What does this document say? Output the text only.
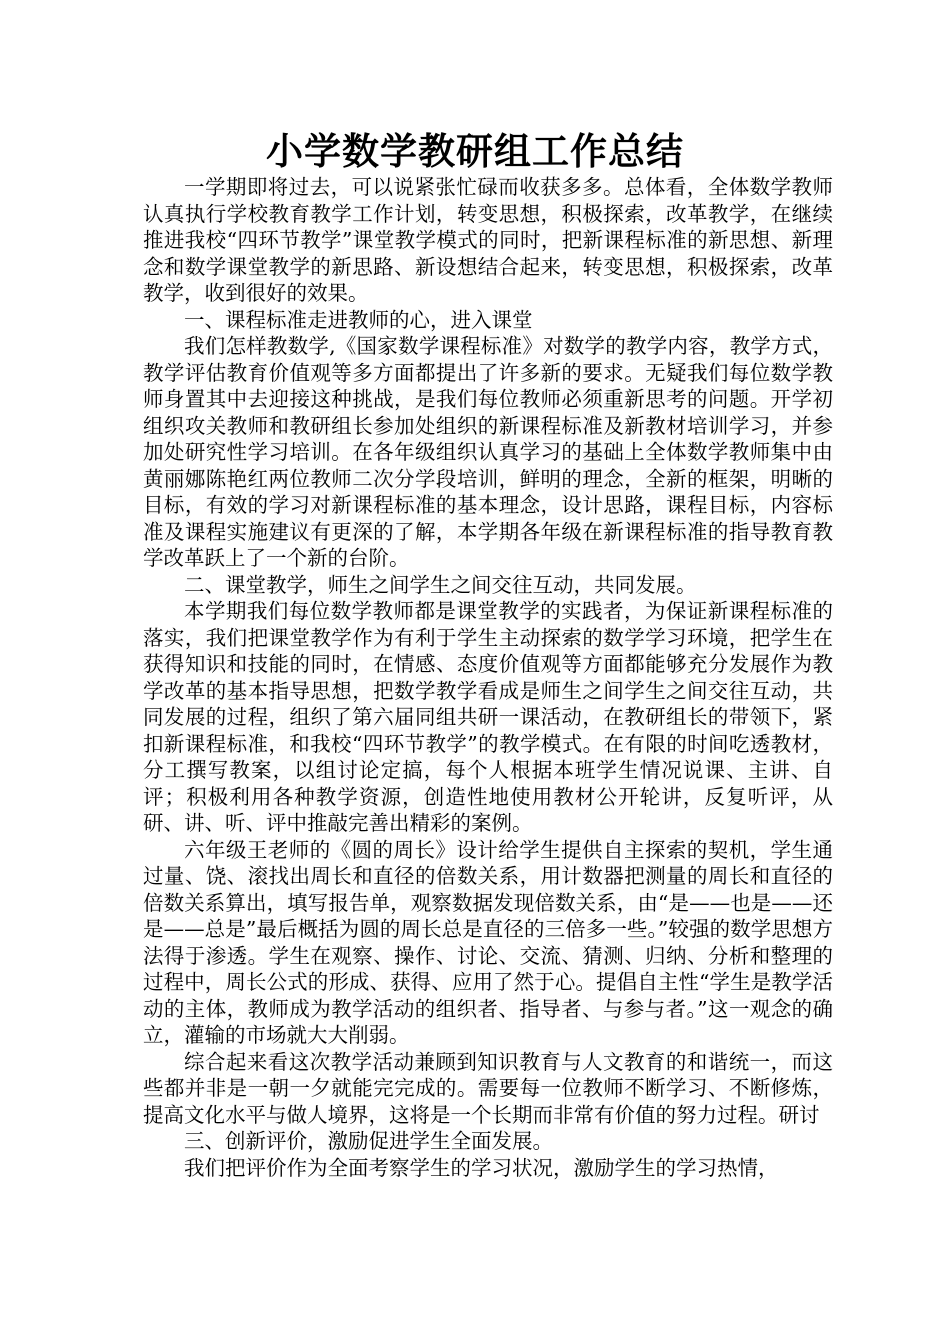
小学数学教研组工作总结

一学期即将过去，可以说紧张忙碌而收获多多。总体看，全体数学教师认真执行学校教育教学工作计划，转变思想，积极探索，改革教学，在继续推进我校“四环节教学”课堂教学模式的同时，把新课程标准的新思想、新理念和数学课堂教学的新思路、新设想结合起来，转变思想，积极探索，改革教学，收到很好的效果。

一、课程标准走进教师的心，进入课堂

我们怎样教数学,《国家数学课程标准》对数学的教学内容，教学方式，教学评估教育价值观等多方面都提出了许多新的要求。无疑我们每位数学教师身置其中去迎接这种挑战，是我们每位教师必须重新思考的问题。开学初组织攻关教师和教研组长参加处组织的新课程标准及新教材培训学习，并参加处研究性学习培训。在各年级组织认真学习的基础上全体数学教师集中由黄丽娜陈艳红两位教师二次分学段培训，鲜明的理念，全新的框架，明晰的目标，有效的学习对新课程标准的基本理念，设计思路，课程目标，内容标准及课程实施建议有更深的了解，本学期各年级在新课程标准的指导教育教学改革跃上了一个新的台阶。

二、课堂教学，师生之间学生之间交往互动，共同发展。

本学期我们每位数学教师都是课堂教学的实践者，为保证新课程标准的落实，我们把课堂教学作为有利于学生主动探索的数学学习环境，把学生在获得知识和技能的同时，在情感、态度价值观等方面都能够充分发展作为教学改革的基本指导思想，把数学教学看成是师生之间学生之间交往互动，共同发展的过程，组织了第六届同组共研一课活动，在教研组长的带领下，紧扣新课程标准，和我校“四环节教学”的教学模式。在有限的时间吃透教材，分工撰写教案，以组讨论定搞，每个人根据本班学生情况说课、主讲、自评；积极利用各种教学资源，创造性地使用教材公开轮讲，反复听评，从研、讲、听、评中推敲完善出精彩的案例。

六年级王老师的《圆的周长》设计给学生提供自主探索的契机，学生通过量、饶、滚找出周长和直径的倍数关系，用计数器把测量的周长和直径的倍数关系算出，填写报告单，观察数据发现倍数关系，由“是——也是——还是——总是”最后概括为圆的周长总是直径的三倍多一些。”较强的数学思想方法得于渗透。学生在观察、操作、讨论、交流、猜测、归纳、分析和整理的过程中，周长公式的形成、获得、应用了然于心。提倡自主性“学生是教学活动的主体，教师成为教学活动的组织者、指导者、与参与者。”这一观念的确立，灌输的市场就大大削弱。

综合起来看这次教学活动兼顾到知识教育与人文教育的和谐统一，而这些都并非是一朝一夕就能完完成的。需要每一位教师不断学习、不断修炼，提高文化水平与做人境界，这将是一个长期而非常有价值的努力过程。研讨

三、创新评价，激励促进学生全面发展。

我们把评价作为全面考察学生的学习状况，激励学生的学习热情，
